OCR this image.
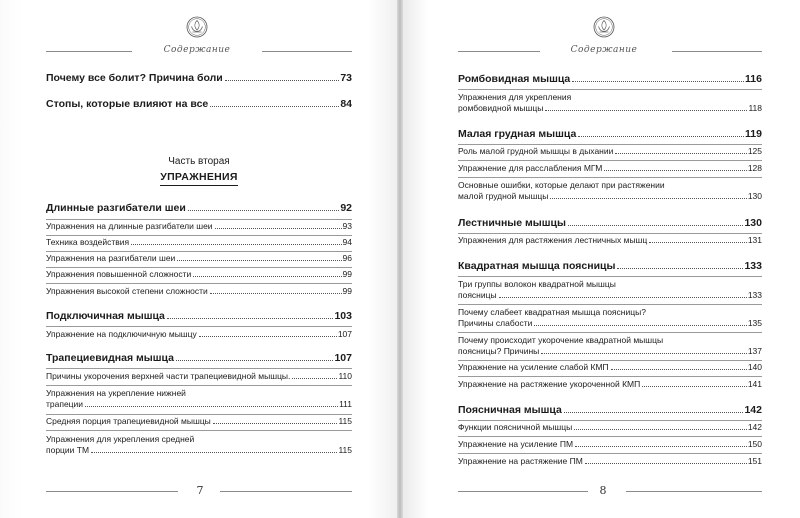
Содержание
Почему все болит? Причина боли	73
Стопы, которые влияют на все	84
Часть вторая
УПРАЖНЕНИЯ
Длинные разгибатели шеи	92
Упражнения на длинные разгибатели шеи	93
Техника воздействия	94
Упражнения на разгибатели шеи	96
Упражнения повышенной сложности	99
Упражнения высокой степени сложности	99
Подключичная мышца	103
Упражнение на подключичную мышцу	107
Трапециевидная мышца	107
Причины укорочения верхней части трапециевидной мышцы.	110
Упражнения на укрепление нижней
трапеции	111
Средняя порция трапециевидной мышцы	115
Упражнения для укрепления средней
порции ТМ	115
7
Содержание
Ромбовидная мышца	116
Упражнения для укрепления
ромбовидной мышцы	118
Малая грудная мышца	119
Роль малой грудной мышцы в дыхании	125
Упражнение для расслабления МГМ	128
Основные ошибки, которые делают при растяжении
малой грудной мышцы	130
Лестничные мышцы	130
Упражнения для растяжения лестничных мышц	131
Квадратная мышца поясницы	133
Три группы волокон квадратной мышцы
поясницы	133
Почему слабеет квадратная мышца поясницы?
Причины слабости	135
Почему происходит укорочение квадратной мышцы
поясницы? Причины	137
Упражнение на усиление слабой КМП	140
Упражнение на растяжение укороченной КМП	141
Поясничная мышца	142
Функции поясничной мышцы	142
Упражнение на усиление ПМ	150
Упражнение на растяжение ПМ	151
8
